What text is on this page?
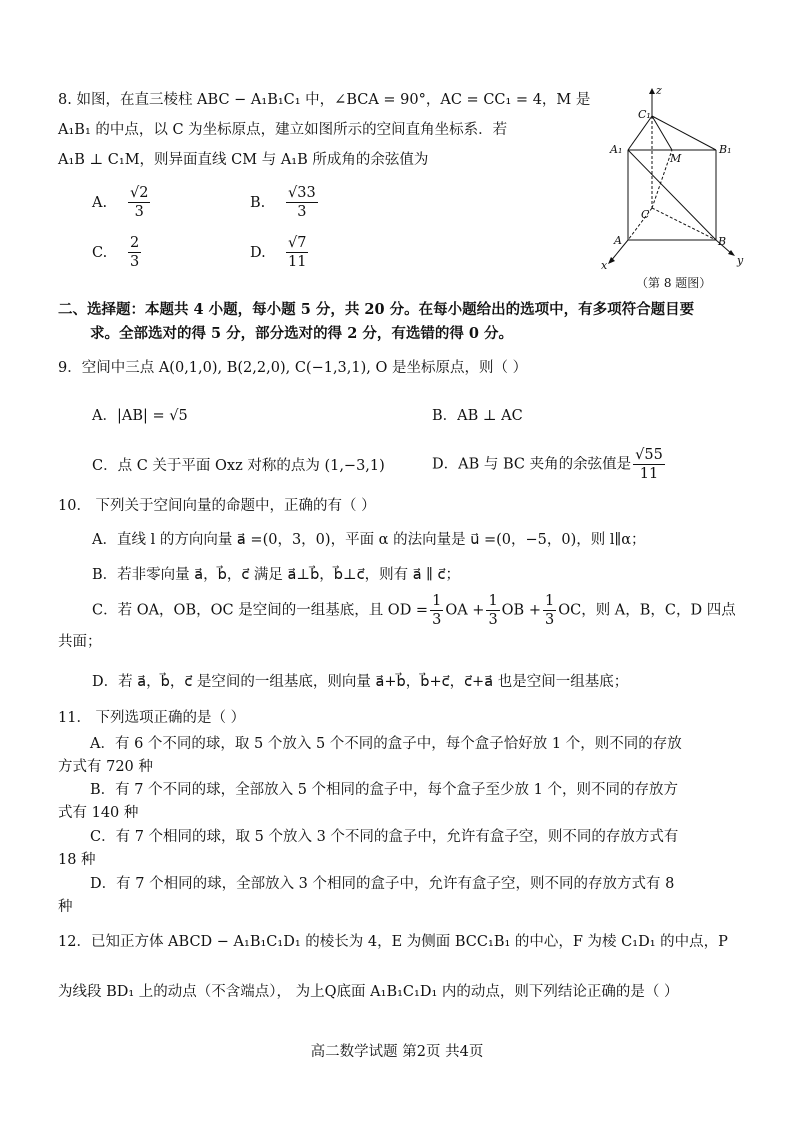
8. 如图，在直三棱柱 ABC − A₁B₁C₁ 中，∠BCA = 90°，AC = CC₁ = 4，M 是
A₁B₁ 的中点，以 C 为坐标原点，建立如图所示的空间直角坐标系．若
A₁B ⊥ C₁M，则异面直线 CM 与 A₁B 所成角的余弦值为
A. $\frac{√2}{3}$	B. $\frac{√33}{3}$
C. $\frac{2}{3}$	D. $\frac{√7}{11}$
z
C₁
A₁	B₁
M
C
A	B
x	y
（第 8 题图）
二、选择题：本题共 4 小题，每小题 5 分，共 20 分。在每小题给出的选项中，有多项符合题目要
求。全部选对的得 5 分，部分选对的得 2 分，有选错的得 0 分。
9．空间中三点 A(0,1,0), B(2,2,0), C(−1,3,1), O 是坐标原点，则（ ）
A．|AB| = √5	B．AB ⊥ AC
C．点 C 关于平面 Oxz 对称的点为 (1,−3,1)	D．AB 与 BC 夹角的余弦值是 $\frac{√55}{11}$
10． 下列关于空间向量的命题中，正确的有（ ）
A．直线 l 的方向向量 a⃗ =(0，3，0)，平面 α 的法向量是 u⃗ =(0，−5，0)，则 l∥α；
B．若非零向量 a⃗，b⃗，c⃗ 满足 a⃗⊥b⃗，b⃗⊥c⃗，则有 a⃗ ∥ c⃗；
C．若 OA，OB，OC 是空间的一组基底，且 OD = $\frac{1}{3}$ OA + $\frac{1}{3}$ OB + $\frac{1}{3}$ OC，则 A，B，C，D 四点
共面；
D．若 a⃗，b⃗，c⃗ 是空间的一组基底，则向量 a⃗+b⃗，b⃗+c⃗，c⃗+a⃗ 也是空间一组基底；
11． 下列选项正确的是（ ）
A．有 6 个不同的球，取 5 个放入 5 个不同的盒子中，每个盒子恰好放 1 个，则不同的存放
方式有 720 种
B．有 7 个不同的球，全部放入 5 个相同的盒子中，每个盒子至少放 1 个，则不同的存放方
式有 140 种
C．有 7 个相同的球，取 5 个放入 3 个不同的盒子中，允许有盒子空，则不同的存放方式有
18 种
D．有 7 个相同的球，全部放入 3 个相同的盒子中，允许有盒子空，则不同的存放方式有 8
种
12．已知正方体 ABCD − A₁B₁C₁D₁ 的棱长为 4，E 为侧面 BCC₁B₁ 的中心，F 为棱 C₁D₁ 的中点，P
为线段 BD₁ 上的动点（不含端点）， 为上Q底面 A₁B₁C₁D₁ 内的动点，则下列结论正确的是（ ）
高二数学试题 第2页 共4页
